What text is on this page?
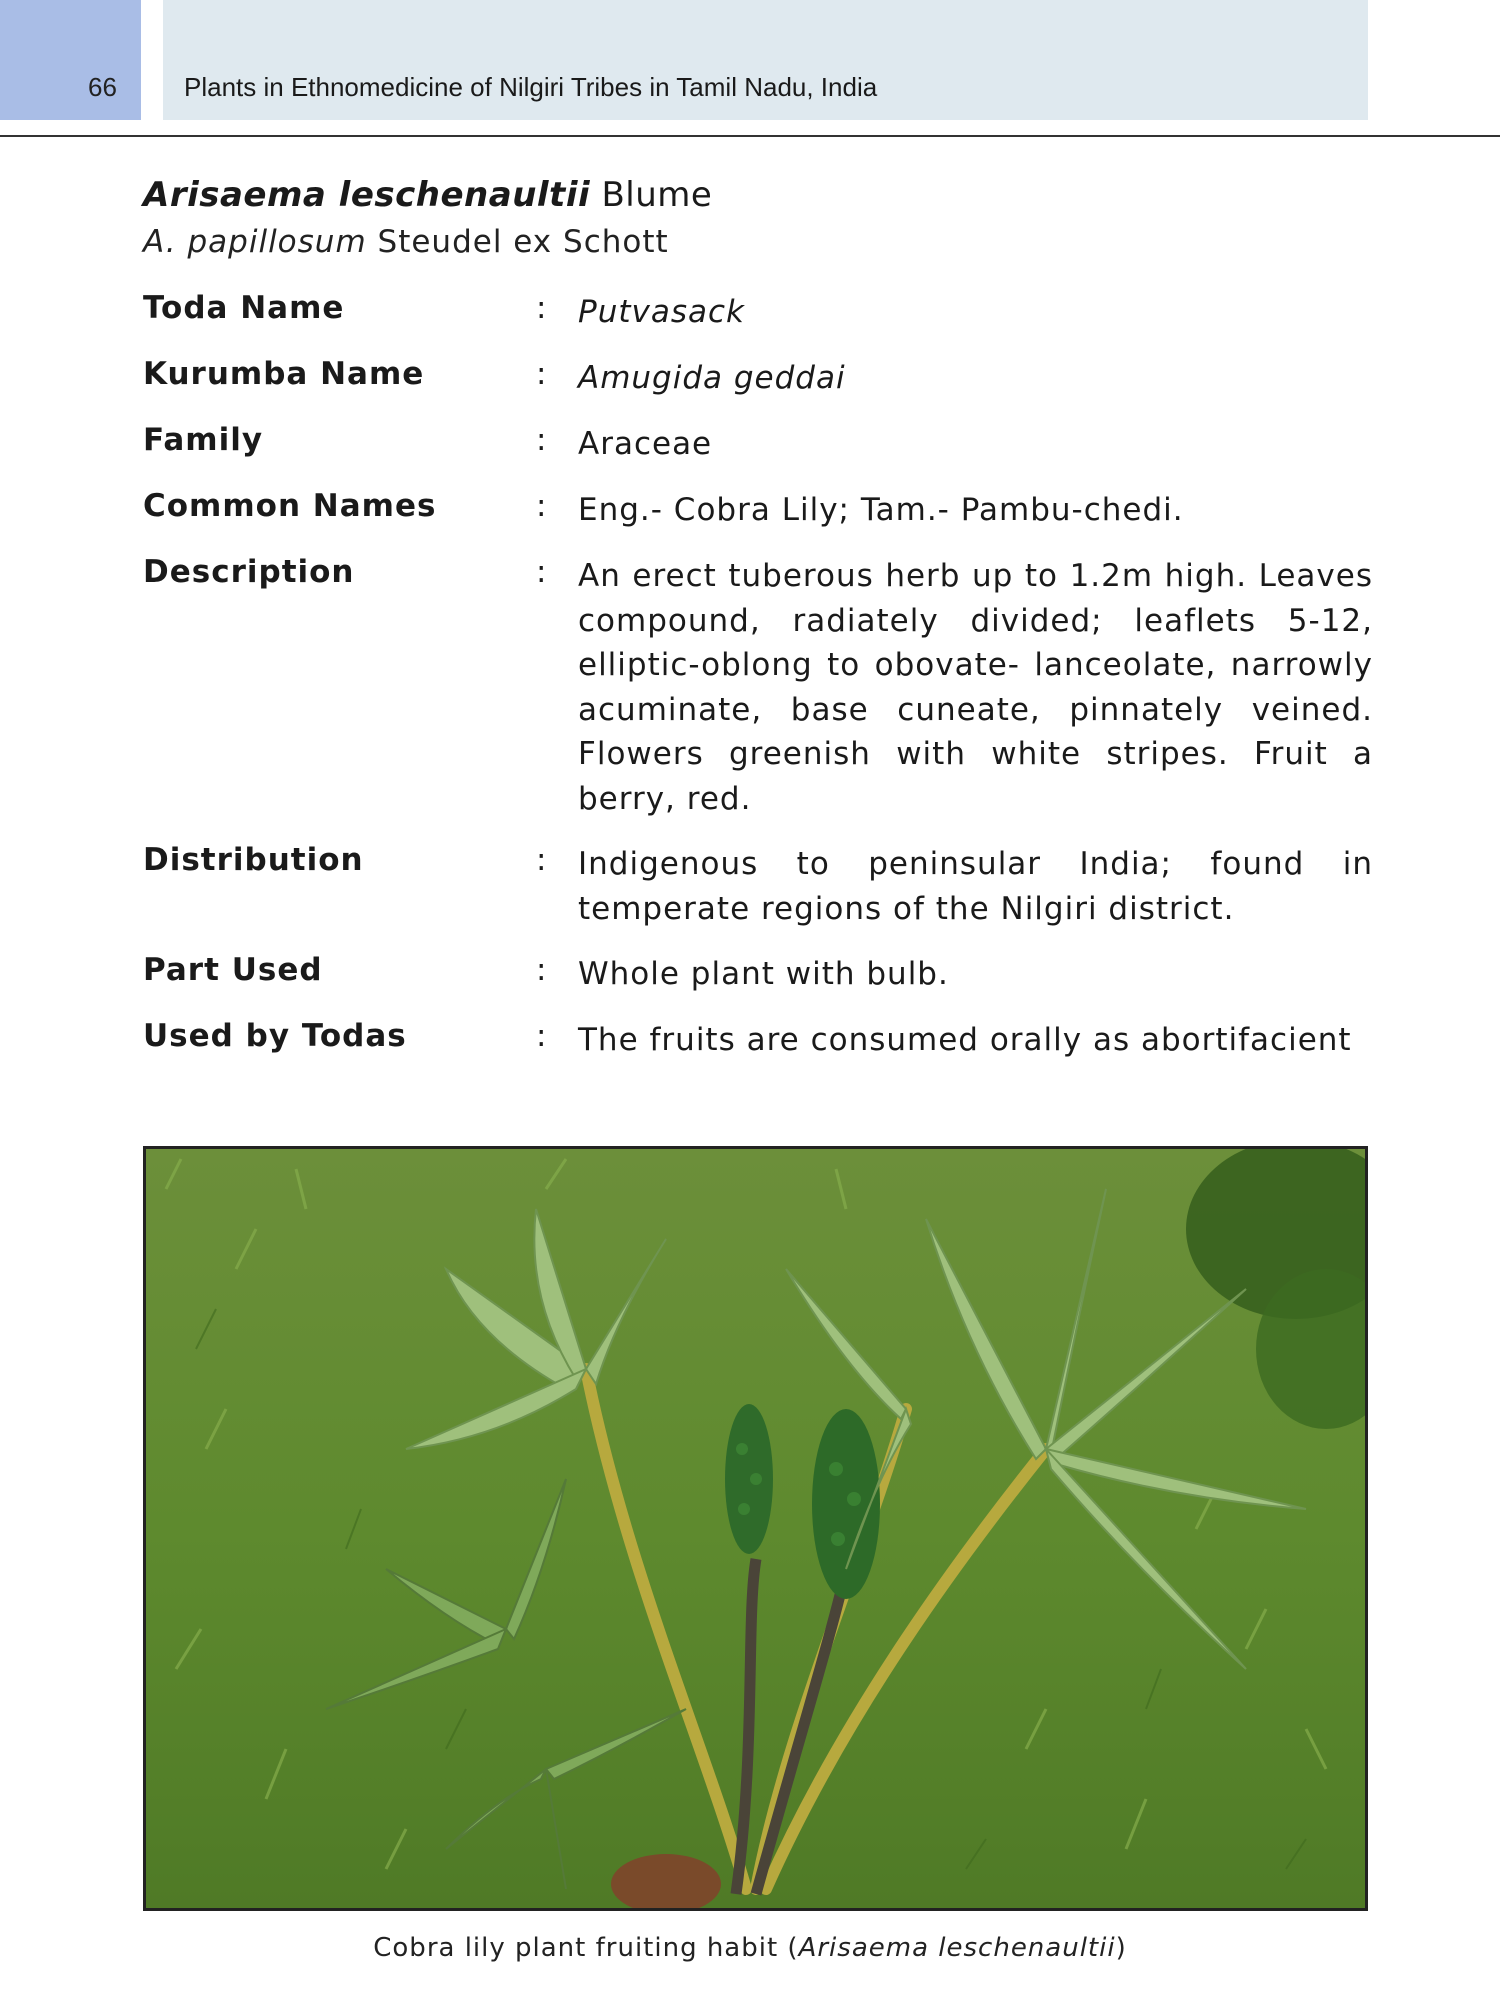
66	Plants in Ethnomedicine of Nilgiri Tribes in Tamil Nadu, India
Arisaema leschenaultii Blume
A. papillosum Steudel ex Schott
Toda Name	: Putvasack
Kurumba Name	: Amugida geddai
Family	: Araceae
Common Names	: Eng.- Cobra Lily; Tam.- Pambu-chedi.
Description	: An erect tuberous herb up to 1.2m high. Leaves compound, radiately divided; leaflets 5-12, elliptic-oblong to obovate- lanceolate, narrowly acuminate, base cuneate, pinnately veined. Flowers greenish with white stripes. Fruit a berry, red.
Distribution	: Indigenous to peninsular India; found in temperate regions of the Nilgiri district.
Part Used	: Whole plant with bulb.
Used by Todas	: The fruits are consumed orally as abortifacient
Cobra lily plant fruiting habit (Arisaema leschenaultii)
